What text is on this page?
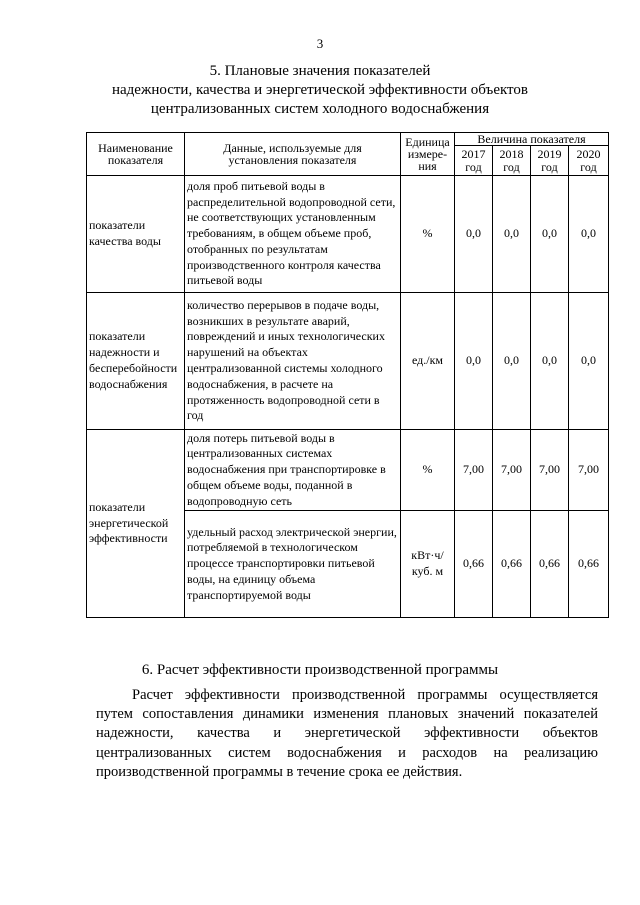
3
5. Плановые значения показателей
надежности, качества и энергетической эффективности объектов
централизованных систем холодного водоснабжения
Наименование показателя	Данные, используемые для установления показателя	Единица измере-ния	Величина показателя			
			2017 год	2018 год	2019 год	2020 год
показатели качества воды	доля проб питьевой воды в распределительной водопроводной сети, не соответствующих установленным требованиям, в общем объеме проб, отобранных по результатам производственного контроля качества питьевой воды	%	0,0	0,0	0,0	0,0
показатели надежности и бесперебойности водоснабжения	количество перерывов в подаче воды, возникших в результате аварий, повреждений и иных технологических нарушений на объектах централизованной системы холодного водоснабжения, в расчете на протяженность водопроводной сети в год	ед./км	0,0	0,0	0,0	0,0
показатели энергетической эффективности	доля потерь питьевой воды в централизованных системах водоснабжения при транспортировке в общем объеме воды, поданной в водопроводную сеть	%	7,00	7,00	7,00	7,00
	удельный расход электрической энергии, потребляемой в технологическом процессе транспортировки питьевой воды, на единицу объема транспортируемой воды	кВт·ч/ куб. м	0,66	0,66	0,66	0,66
6. Расчет эффективности производственной программы

Расчет эффективности производственной программы осуществляется путем сопоставления динамики изменения плановых значений показателей надежности, качества и энергетической эффективности объектов централизованных систем водоснабжения и расходов на реализацию производственной программы в течение срока ее действия.
